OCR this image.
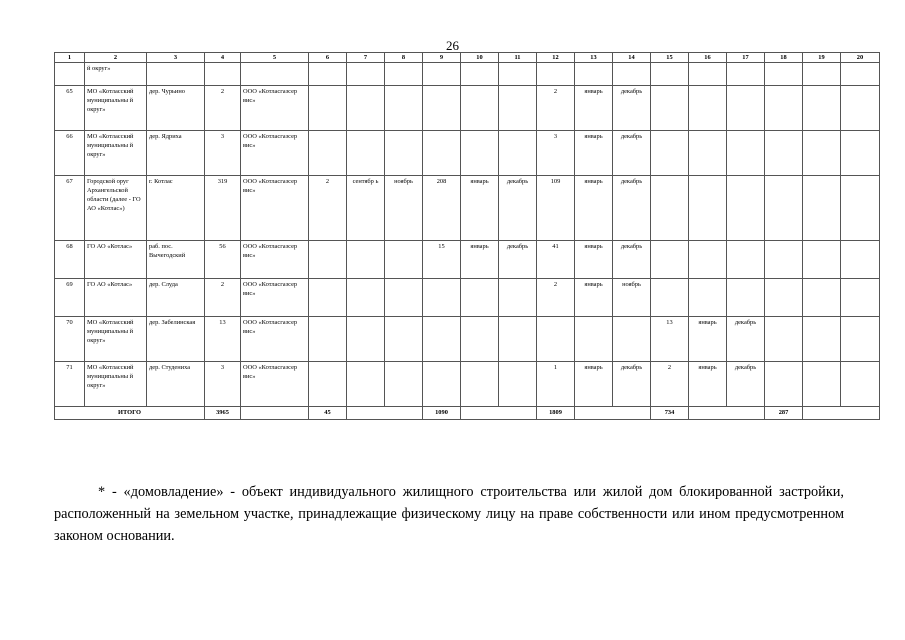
26
1	2	3	4	5	6	7	8	9	10	11	12	13	14	15	16	17	18	19	20
	й округ»																		
65	МО «Котласский муниципальны й округ»	дер. Чурьино	2	ООО «Котласгазсер вис»							2	январь	декабрь						
66	МО «Котласский муниципальны й округ»	дер. Ядриха	3	ООО «Котласгазсер вис»							3	январь	декабрь						
67	Городской оруг Архангельской области (далее - ГО АО «Котлас»)	г. Котлас	319	ООО «Котласгазсер вис»	2	сентябр ь	ноябрь	208	январь	декабрь	109	январь	декабрь						
68	ГО АО «Котлас»	раб. пос. Вычегодский	56	ООО «Котласгазсер вис»				15	январь	декабрь	41	январь	декабрь						
69	ГО АО «Котлас»	дер. Слуда	2	ООО «Котласгазсер вис»							2	январь	ноябрь						
70	МО «Котласский муниципальны й округ»	дер. Забелинская	13	ООО «Котласгазсер вис»										13	январь	декабрь			
71	МО «Котласский муниципальны й округ»	дер. Студениха	3	ООО «Котласгазсер вис»							1	январь	декабрь	2	январь	декабрь			
ИТОГО			3965		45			1090			1809			734			287		

* - «домовладение» - объект индивидуального жилищного строительства или жилой дом блокированной застройки, расположенный на земельном участке, принадлежащие физическому лицу на праве собственности или ином предусмотренном законом основании.
